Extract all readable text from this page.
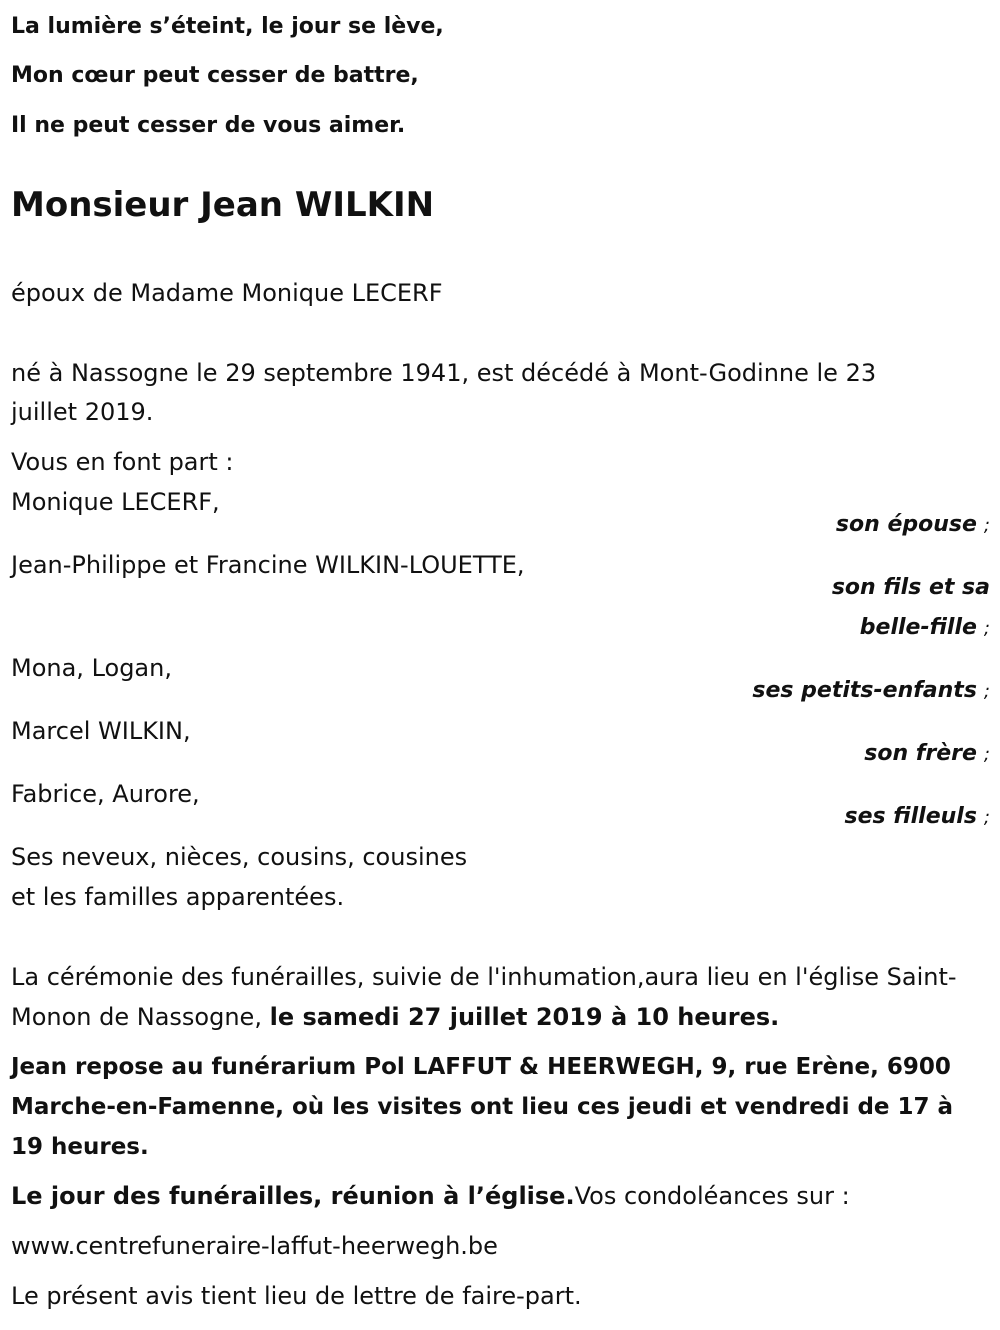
La lumière s’éteint, le jour se lève,
Mon cœur peut cesser de battre,
Il ne peut cesser de vous aimer.
Monsieur Jean WILKIN
époux de Madame Monique LECERF
né à Nassogne le 29 septembre 1941, est décédé à Mont-Godinne le 23
juillet 2019.
Vous en font part :
Monique LECERF,
son épouse ;
Jean-Philippe et Francine WILKIN-LOUETTE,
son fils et sa
belle-fille ;
Mona, Logan,
ses petits-enfants ;
Marcel WILKIN,
son frère ;
Fabrice, Aurore,
ses filleuls ;
Ses neveux, nièces, cousins, cousines
et les familles apparentées.
La cérémonie des funérailles, suivie de l'inhumation,aura lieu en l'église Saint-Monon de Nassogne, le samedi 27 juillet 2019 à 10 heures.
Jean repose au funérarium Pol LAFFUT & HEERWEGH, 9, rue Erène, 6900 Marche-en-Famenne, où les visites ont lieu ces jeudi et vendredi de 17 à 19 heures.
Le jour des funérailles, réunion à l’église.Vos condoléances sur :
www.centrefuneraire-laffut-heerwegh.be
Le présent avis tient lieu de lettre de faire-part.
